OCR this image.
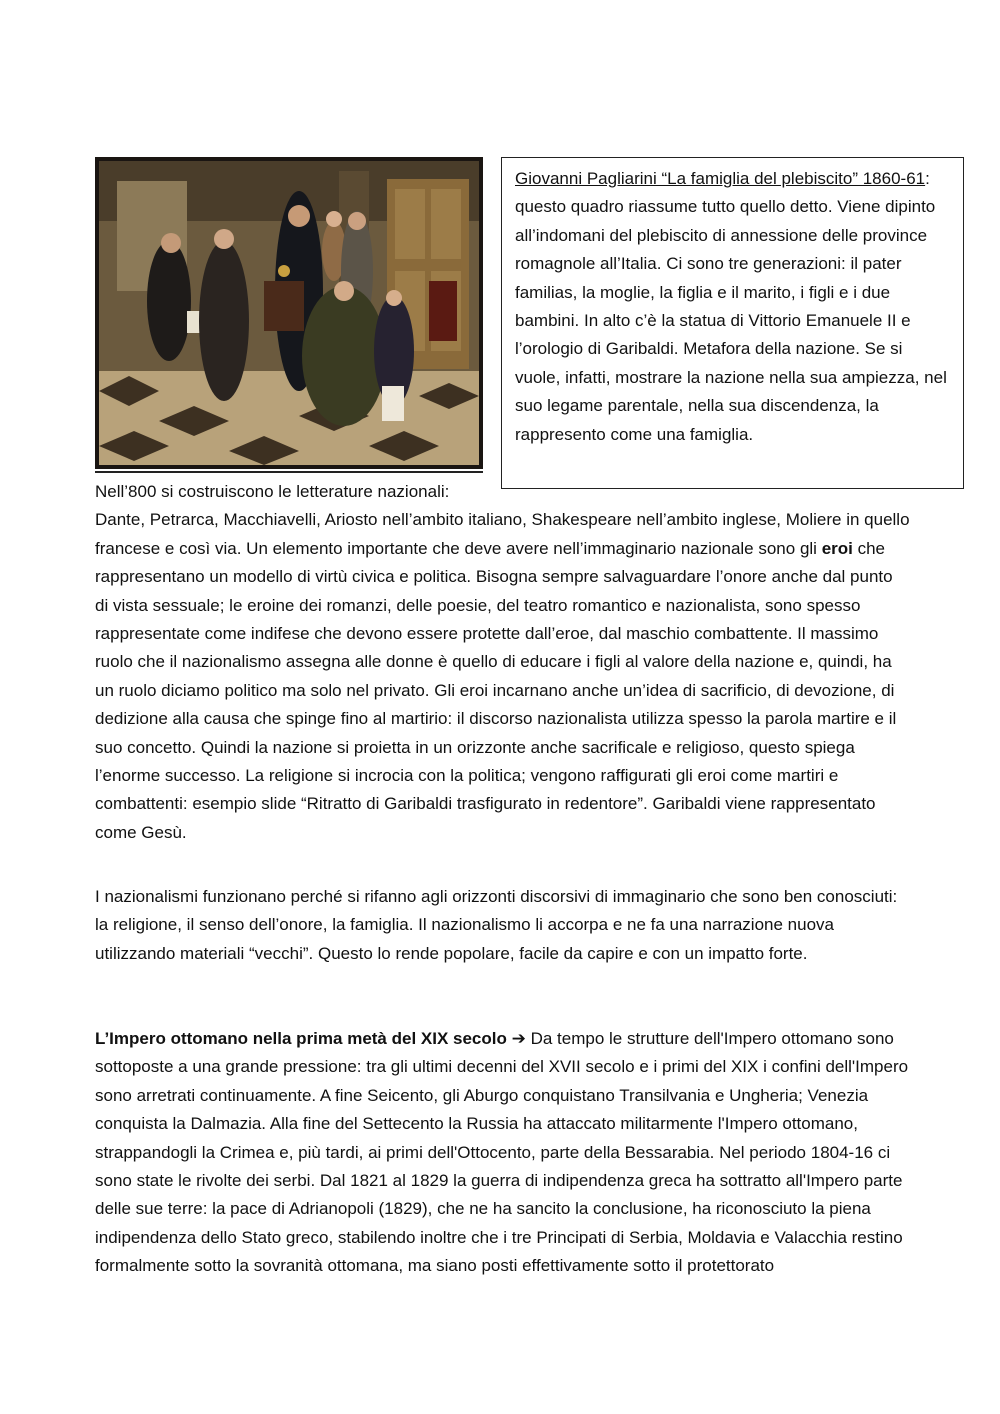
Giovanni Pagliarini “La famiglia del plebiscito” 1860-61: questo quadro riassume tutto quello detto. Viene dipinto all’indomani del plebiscito di annessione delle province romagnole all’Italia. Ci sono tre generazioni: il pater familias, la moglie, la figlia e il marito, i figli e i due bambini. In alto c’è la statua di Vittorio Emanuele II e l’orologio di Garibaldi. Metafora della nazione. Se si vuole, infatti, mostrare la nazione nella sua ampiezza, nel suo legame parentale, nella sua discendenza, la rappresento come una famiglia.
Nell’800 si costruiscono le letterature nazionali:
Dante, Petrarca, Macchiavelli, Ariosto nell’ambito italiano, Shakespeare nell’ambito inglese, Moliere in quello francese e così via. Un elemento importante che deve avere nell’immaginario nazionale sono gli eroi che rappresentano un modello di virtù civica e politica. Bisogna sempre salvaguardare l’onore anche dal punto di vista sessuale; le eroine dei romanzi, delle poesie, del teatro romantico e nazionalista, sono spesso rappresentate come indifese che devono essere protette dall’eroe, dal maschio combattente. Il massimo ruolo che il nazionalismo assegna alle donne è quello di educare i figli al valore della nazione e, quindi, ha un ruolo diciamo politico ma solo nel privato. Gli eroi incarnano anche un’idea di sacrificio, di devozione, di dedizione alla causa che spinge fino al martirio: il discorso nazionalista utilizza spesso la parola martire e il suo concetto. Quindi la nazione si proietta in un orizzonte anche sacrificale e religioso, questo spiega l’enorme successo. La religione si incrocia con la politica; vengono raffigurati gli eroi come martiri e combattenti: esempio slide “Ritratto di Garibaldi trasfigurato in redentore”. Garibaldi viene rappresentato come Gesù.
I nazionalismi funzionano perché si rifanno agli orizzonti discorsivi di immaginario che sono ben conosciuti: la religione, il senso dell’onore, la famiglia. Il nazionalismo li accorpa e ne fa una narrazione nuova utilizzando materiali “vecchi”. Questo lo rende popolare, facile da capire e con un impatto forte.
L’Impero ottomano nella prima metà del XIX secolo ➔ Da tempo le strutture dell'Impero ottomano sono sottoposte a una grande pressione: tra gli ultimi decenni del XVII secolo e i primi del XIX i confini dell'Impero sono arretrati continuamente. A fine Seicento, gli Aburgo conquistano Transilvania e Ungheria; Venezia conquista la Dalmazia. Alla fine del Settecento la Russia ha attaccato militarmente l'Impero ottomano, strappandogli la Crimea e, più tardi, ai primi dell'Ottocento, parte della Bessarabia. Nel periodo 1804-16 ci sono state le rivolte dei serbi. Dal 1821 al 1829 la guerra di indipendenza greca ha sottratto all'Impero parte delle sue terre: la pace di Adrianopoli (1829), che ne ha sancito la conclusione, ha riconosciuto la piena indipendenza dello Stato greco, stabilendo inoltre che i tre Principati di Serbia, Moldavia e Valacchia restino formalmente sotto la sovranità ottomana, ma siano posti effettivamente sotto il protettorato
